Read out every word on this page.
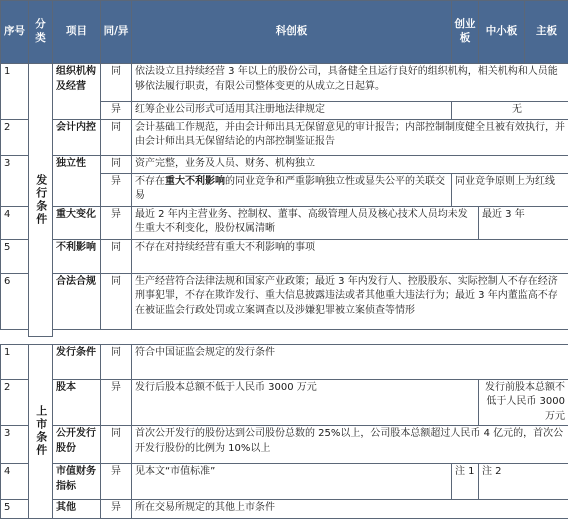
序号	分类	项目	同/异	科创板	创业板	中小板	主板
1	发行条件	组织机构及经营	同	依法设立且持续经营 3 年以上的股份公司，具备健全且运行良好的组织机构，相关机构和人员能够依法履行职责，有限公司整体变更的从成立之日起算。			
			异	红筹企业公司形式可适用其注册地法律规定	无		
2		会计内控	同	会计基础工作规范，并由会计师出具无保留意见的审计报告；内部控制制度健全且被有效执行，并由会计师出具无保留结论的内部控制鉴证报告			
3		独立性	同	资产完整，业务及人员、财务、机构独立			
			异	不存在重大不利影响的同业竞争和严重影响独立性或显失公平的关联交易	同业竞争原则上为红线		
4		重大变化	异	最近 2 年内主营业务、控制权、董事、高级管理人员及核心技术人员均未发生重大不利变化，股份权属清晰		最近 3 年	
5		不利影响	同	不存在对持续经营有重大不利影响的事项			
6		合法合规	同	生产经营符合法律法规和国家产业政策；最近 3 年内发行人、控股股东、实际控制人不存在经济刑事犯罪，不存在欺诈发行、重大信息披露违法或者其他重大违法行为；最近 3 年内董监高不存在被证监会行政处罚或立案调查以及涉嫌犯罪被立案侦查等情形			

1	上市条件	发行条件	同	符合中国证监会规定的发行条件			
2		股本	异	发行后股本总额不低于人民币 3000 万元		发行前股本总额不低于人民币 3000 万元	
3		公开发行股份	同	首次公开发行的股份达到公司股份总数的 25%以上，公司股本总额超过人民币 4 亿元的，首次公开发行股份的比例为 10%以上			
4		市值财务指标	异	见本文“市值标准”	注 1	注 2	
5		其他	异	所在交易所规定的其他上市条件			
